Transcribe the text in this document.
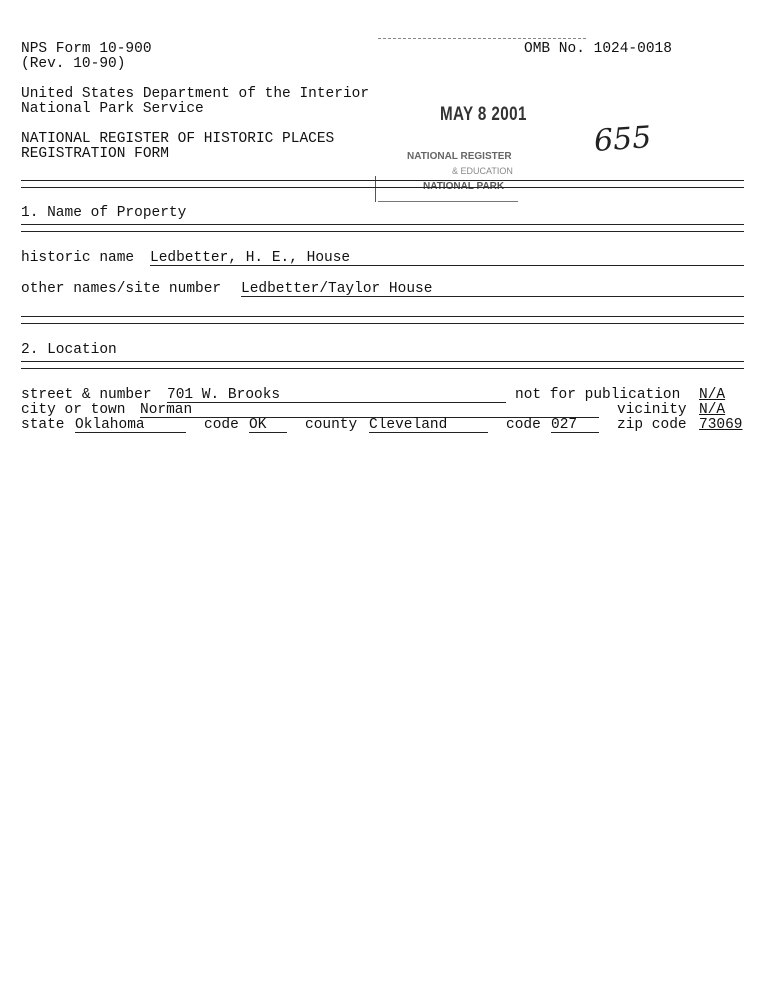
NPS Form 10-900
(Rev. 10-90)
OMB No. 1024-0018
United States Department of the Interior
National Park Service
NATIONAL REGISTER OF HISTORIC PLACES
REGISTRATION FORM
MAY 8 2001
NATIONAL REGISTER
& EDUCATION
NATIONAL PARK
655
1. Name of Property
historic name Ledbetter, H. E., House
other names/site number Ledbetter/Taylor House
2. Location
street & number 701 W. Brooks	not for publication N/A
city or town Norman	vicinity N/A
state Oklahoma	code OK	county Cleveland	code 027	zip code 73069
